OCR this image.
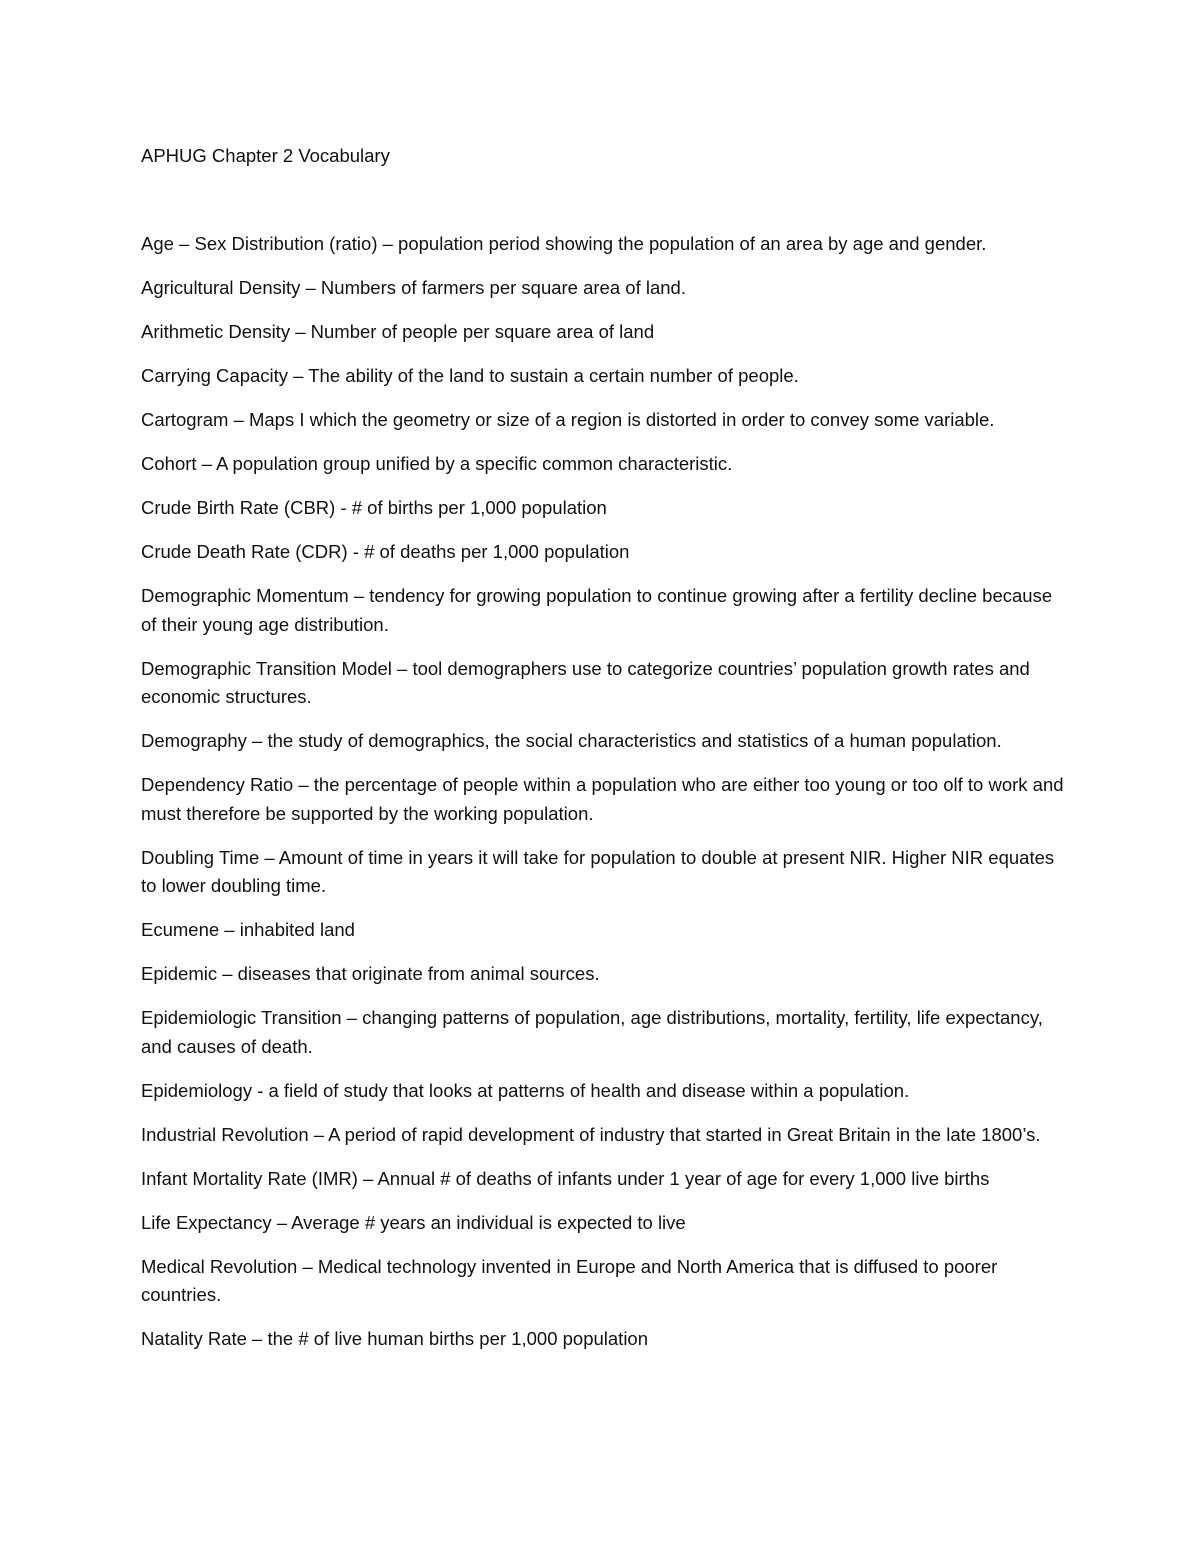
APHUG Chapter 2 Vocabulary
Age – Sex Distribution (ratio) – population period showing the population of an area by age and gender.
Agricultural Density – Numbers of farmers per square area of land.
Arithmetic Density – Number of people per square area of land
Carrying Capacity – The ability of the land to sustain a certain number of people.
Cartogram – Maps I which the geometry or size of a region is distorted in order to convey some variable.
Cohort – A population group unified by a specific common characteristic.
Crude Birth Rate (CBR) - # of births per 1,000 population
Crude Death Rate (CDR) - # of deaths per 1,000 population
Demographic Momentum – tendency for growing population to continue growing after a fertility decline because of their young age distribution.
Demographic Transition Model – tool demographers use to categorize countries’ population growth rates and economic structures.
Demography – the study of demographics, the social characteristics and statistics of a human population.
Dependency Ratio – the percentage of people within a population who are either too young or too olf to work and must therefore be supported by the working population.
Doubling Time – Amount of time in years it will take for population to double at present NIR. Higher NIR equates to lower doubling time.
Ecumene – inhabited land
Epidemic – diseases that originate from animal sources.
Epidemiologic Transition – changing patterns of population, age distributions, mortality, fertility, life expectancy, and causes of death.
Epidemiology - a field of study that looks at patterns of health and disease within a population.
Industrial Revolution – A period of rapid development of industry that started in Great Britain in the late 1800’s.
Infant Mortality Rate (IMR) – Annual # of deaths of infants under 1 year of age for every 1,000 live births
Life Expectancy – Average # years an individual is expected to live
Medical Revolution – Medical technology invented in Europe and North America that is diffused to poorer countries.
Natality Rate – the # of live human births per 1,000 population
